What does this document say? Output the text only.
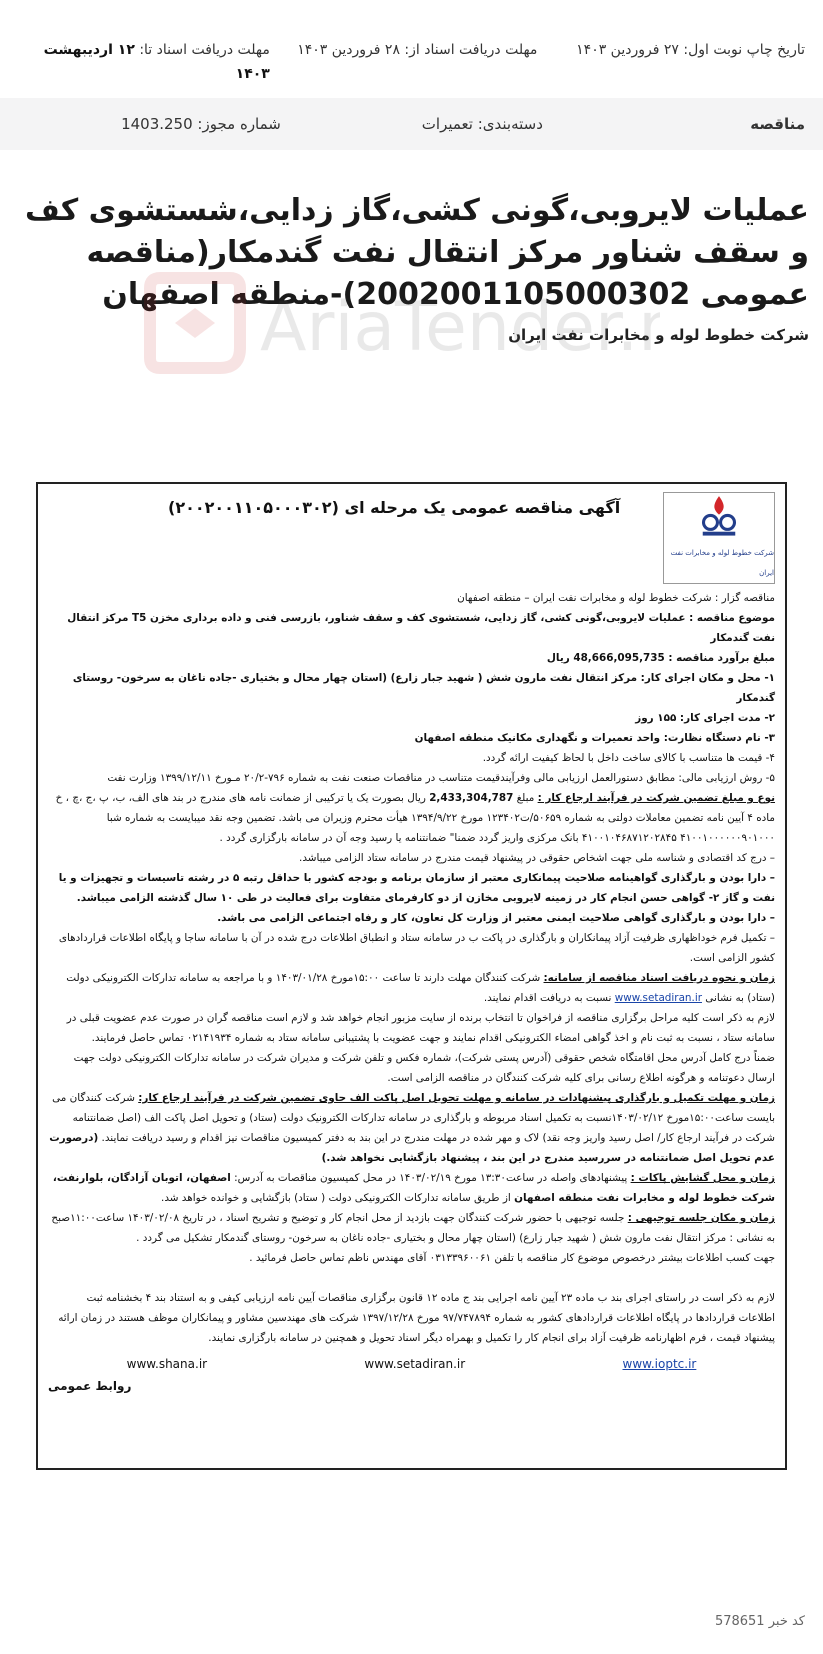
تاریخ چاپ نوبت اول: ۲۷ فروردین ۱۴۰۳
مهلت دریافت اسناد از: ۲۸ فروردین ۱۴۰۳
مهلت دریافت اسناد تا: ۱۲ اردیبهشت ۱۴۰۳
مناقصه
دسته‌بندی: تعمیرات
شماره مجوز: 1403.250
AriaTender.n
عملیات لایروبی،گونی کشی،گاز زدایی،شستشوی کف و سقف شناور مرکز انتقال نفت گندمکار(مناقصه عمومی 2002001105000302)-منطقه اصفهان
شرکت خطوط لوله و مخابرات نفت ایران
شرکت خطوط لوله و مخابرات نفت ایران
آگهی مناقصه عمومی یک مرحله ای (۲۰۰۲۰۰۱۱۰۵۰۰۰۳۰۲)

مناقصه گزار : شرکت خطوط لوله و مخابرات نفت ایران – منطقه اصفهان

موضوع مناقصه : عملیات لایروبی،گونی کشی، گاز زدایی، شستشوی کف و سقف شناور، بازرسی فنی و داده برداری مخزن T5 مرکز انتقال نفت گندمکار

مبلغ برآورد مناقصه : 48,666,095,735 ریال

۱- محل و مکان اجرای کار: مرکز انتقال نفت مارون شش ( شهید جبار زارع) (استان چهار محال و بختیاری -جاده ناغان به سرخون- روستای گندمکار

۲- مدت اجرای کار: ۱۵۵ روز

۳- نام دستگاه نظارت: واحد تعمیرات و نگهداری مکانیک منطقه اصفهان

۴- قیمت ها متناسب با کالای ساخت داخل با لحاظ کیفیت ارائه گردد.

۵- روش ارزیابی مالی: مطابق دستورالعمل ارزیابی مالی وفرآیندقیمت متناسب در مناقصات صنعت نفت به شماره ۷۹۶-۲۰/۲ مـورخ ۱۳۹۹/۱۲/۱۱ وزارت نفت

نوع و مبلغ تضمین شرکت در فرآیند ارجاع کار : مبلغ 2,433,304,787 ریال بصورت یک یا ترکیبی از ضمانت نامه های مندرج در بند های الف، ب، پ ،ج ،چ ، خ ماده ۴ آیین نامه تضمین معاملات دولتی به شماره ۵۰۶۵۹/ت۱۲۳۴۰۲ مورخ ۱۳۹۴/۹/۲۲ هیأت محترم وزیران می باشد. تضمین وجه نقد میبایست به شماره شبا ۴۱۰۰۱۰۰۰۰۰۰۹۰۱۰۰۰ ۴۱۰۰۱۰۴۶۸۷۱۲۰۲۸۴۵ بانک مرکزی واریز گردد ضمنا" ضمانتنامه یا رسید وجه آن در سامانه بارگزاری گردد .

– درج کد اقتصادی و شناسه ملی جهت اشخاص حقوقی در پیشنهاد قیمت مندرج در سامانه ستاد الزامی میباشد.

– دارا بودن و بارگذاری گواهینامه صلاحیت پیمانکاری معتبر از سازمان برنامه و بودجه کشور با حداقل رتبه ۵ در رشته تاسیسات و تجهیزات و یا نفت و گاز ۲- گواهی حسن انجام کار در زمینه لایروبی مخازن از دو کارفرمای متفاوت برای فعالیت در طی ۱۰ سال گذشته الزامی میباشد.

– دارا بودن و بارگذاری گواهی صلاحیت ایمنی معتبر از وزارت کل تعاون، کار و رفاه اجتماعی الزامی می باشد.

– تکمیل فرم خوداظهاری ظرفیت آزاد پیمانکاران و بارگذاری در پاکت ب در سامانه ستاد و انطباق اطلاعات درج شده در آن با سامانه ساجا و پایگاه اطلاعات قراردادهای کشور الزامی است.

زمان و نحوه دریافت اسناد مناقصه از سامانه: شرکت کنندگان مهلت دارند تا ساعت ۱۵:۰۰مورخ ۱۴۰۳/۰۱/۲۸ و با مراجعه به سامانه تدارکات الکترونیکی دولت (ستاد) به نشانی www.setadiran.ir نسبت به دریافت اقدام نمایند.

لازم به ذکر است کلیه مراحل برگزاری مناقصه از فراخوان تا انتخاب برنده از سایت مزبور انجام خواهد شد و لازم است مناقصه گران در صورت عدم عضویت قبلی در سامانه ستاد ، نسبت به ثبت نام و اخذ گواهی امضاء الکترونیکی اقدام نمایند و جهت عضویت با پشتیبانی سامانه ستاد به شماره ۰۲۱۴۱۹۳۴ تماس حاصل فرمایند.

ضمناً درج کامل آدرس محل اقامتگاه شخص حقوقی (آدرس پستی شرکت)، شماره فکس و تلفن شرکت و مدیران شرکت در سامانه تدارکات الکترونیکی دولت جهت ارسال دعوتنامه و هرگونه اطلاع رسانی برای کلیه شرکت کنندگان در مناقصه الزامی است.

زمان و مهلت تکمیل و بارگذاری پیشنهادات در سامانه و مهلت تحویل اصل پاکت الف حاوی تضمین شرکت در فرآیند ارجاع کار: شرکت کنندگان می بایست ساعت۱۵:۰۰مورخ ۱۴۰۳/۰۲/۱۲نسبت به تکمیل اسناد مربوطه و بارگذاری در سامانه تدارکات الکترونیک دولت (ستاد) و تحویل اصل پاکت الف (اصل ضمانتنامه شرکت در فرآیند ارجاع کار/ اصل رسید واریز وجه نقد) لاک و مهر شده در مهلت مندرج در این بند به دفتر کمیسیون مناقصات نیز اقدام و رسید دریافت نمایند. (درصورت عدم تحویل اصل ضمانتنامه در سررسید مندرج در این بند ، پیشنهاد بازگشایی نخواهد شد.)

زمان و محل گشایش پاکات : پیشنهادهای واصله در ساعت۱۳:۳۰ مورخ ۱۴۰۳/۰۲/۱۹ در محل کمیسیون مناقصات به آدرس: اصفهان، اتوبان آزادگان، بلوارنفت، شرکت خطوط لوله و مخابرات نفت منطقه اصفهان از طریق سامانه تدارکات الکترونیکی دولت ( ستاد) بازگشایی و خوانده خواهد شد.

زمان و مکان جلسه توجیهی : جلسه توجیهی با حضور شرکت کنندگان جهت بازدید از محل انجام کار و توضیح و تشریح اسناد ، در تاریخ ۱۴۰۳/۰۲/۰۸ ساعت۱۱:۰۰صبح به نشانی : مرکز انتقال نفت مارون شش ( شهید جبار زارع) (استان چهار محال و بختیاری -جاده ناغان به سرخون- روستای گندمکار تشکیل می گردد .

جهت کسب اطلاعات بیشتر درخصوص موضوع کار مناقصه با تلفن ۰۳۱۳۳۹۶۰۰۶۱ آقای مهندس ناظم تماس حاصل فرمائید .

لازم به ذکر است در راستای اجرای بند ب ماده ۲۳ آیین نامه اجرایی بند ج ماده ۱۲ قانون برگزاری مناقصات آیین نامه ارزیابی کیفی و به استناد بند ۴ بخشنامه ثبت اطلاعات قراردادها در پایگاه اطلاعات قراردادهای کشور به شماره ۹۷/۷۴۷۸۹۴ مورخ ۱۳۹۷/۱۲/۲۸ شرکت های مهندسین مشاور و پیمانکاران موظف هستند در زمان ارائه پیشنهاد قیمت ، فرم اظهارنامه ظرفیت آزاد برای انجام کار را تکمیل و بهمراه دیگر اسناد تحویل و همچنین در سامانه بارگزاری نمایند.

www.ioptc.ir
www.setadiran.ir
www.shana.ir
روابط عمومی
کد خبر 578651
